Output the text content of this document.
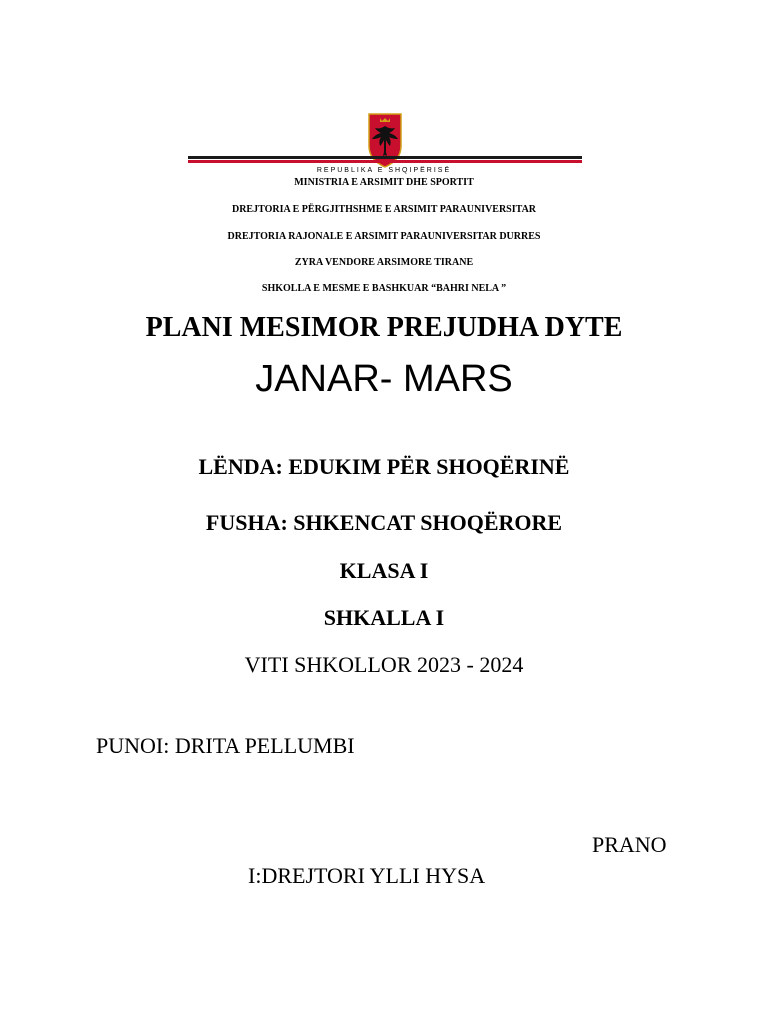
REPUBLIKA E SHQIPËRISË
MINISTRIA E ARSIMIT DHE SPORTIT
DREJTORIA E PËRGJITHSHME E ARSIMIT PARAUNIVERSITAR
DREJTORIA RAJONALE E ARSIMIT PARAUNIVERSITAR DURRES
ZYRA VENDORE ARSIMORE TIRANE
SHKOLLA E MESME E BASHKUAR “BAHRI NELA ”
PLANI MESIMOR PREJUDHA DYTE
JANAR- MARS
LËNDA: EDUKIM PËR SHOQËRINË
FUSHA: SHKENCAT SHOQËRORE
KLASA I
SHKALLA I
VITI SHKOLLOR 2023 - 2024
PUNOI: DRITA PELLUMBI
PRANO
I:DREJTORI YLLI HYSA
